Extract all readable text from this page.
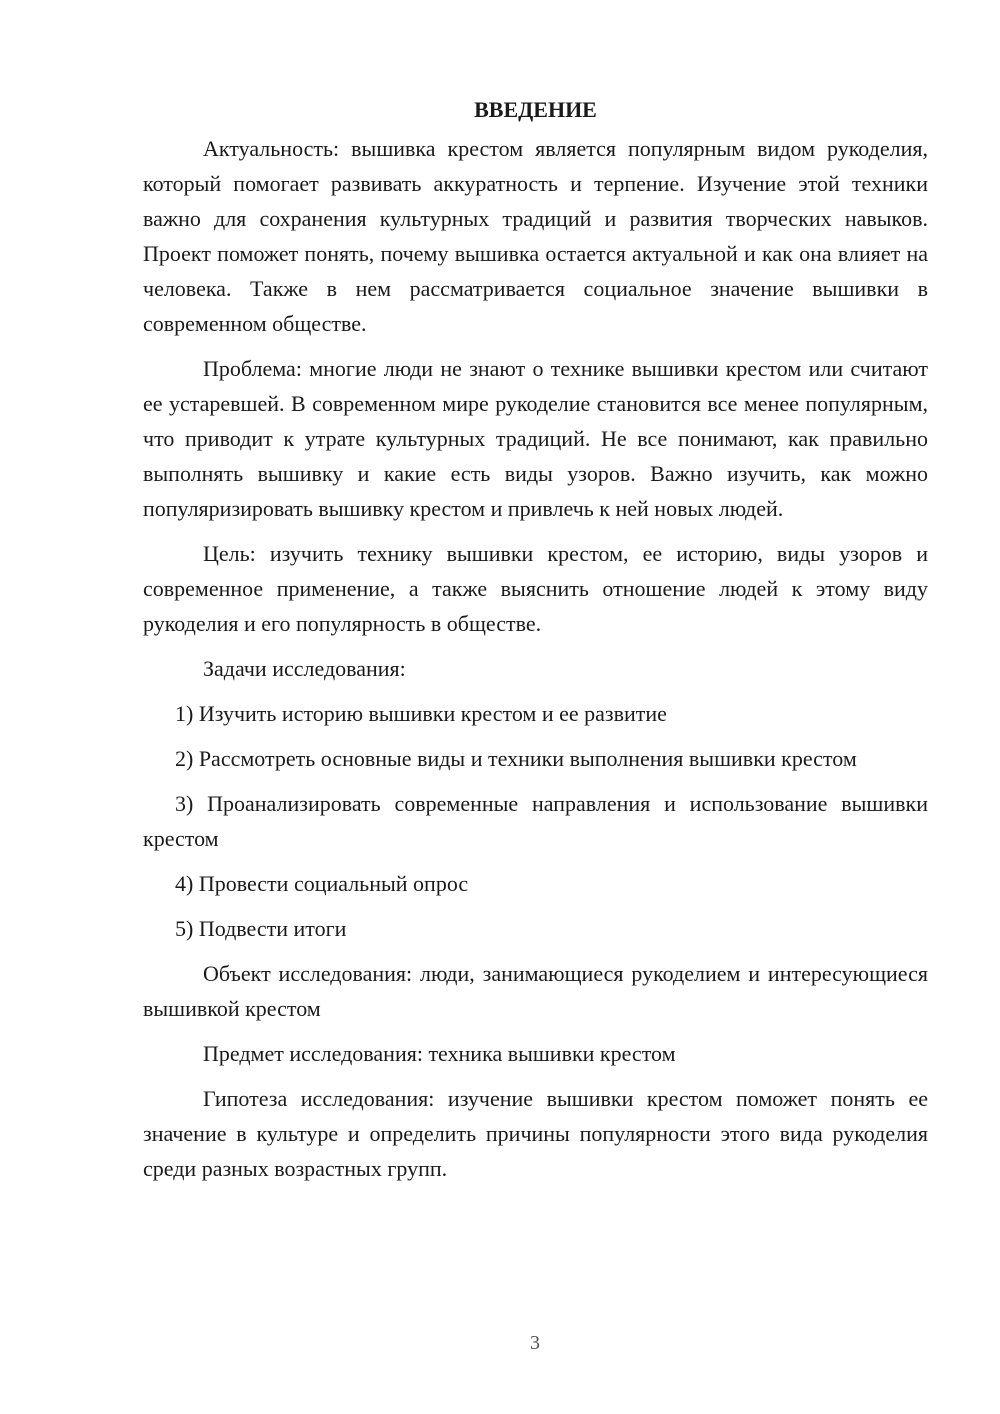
ВВЕДЕНИЕ

Актуальность: вышивка крестом является популярным видом рукоделия, который помогает развивать аккуратность и терпение. Изучение этой техники важно для сохранения культурных традиций и развития творческих навыков. Проект поможет понять, почему вышивка остается актуальной и как она влияет на человека. Также в нем рассматривается социальное значение вышивки в современном обществе.

Проблема: многие люди не знают о технике вышивки крестом или считают ее устаревшей. В современном мире рукоделие становится все менее популярным, что приводит к утрате культурных традиций. Не все понимают, как правильно выполнять вышивку и какие есть виды узоров. Важно изучить, как можно популяризировать вышивку крестом и привлечь к ней новых людей.

Цель: изучить технику вышивки крестом, ее историю, виды узоров и современное применение, а также выяснить отношение людей к этому виду рукоделия и его популярность в обществе.

Задачи исследования:

1) Изучить историю вышивки крестом и ее развитие

2) Рассмотреть основные виды и техники выполнения вышивки крестом

3) Проанализировать современные направления и использование вышивки крестом

4) Провести социальный опрос

5) Подвести итоги

Объект исследования: люди, занимающиеся рукоделием и интересующиеся вышивкой крестом

Предмет исследования: техника вышивки крестом

Гипотеза исследования: изучение вышивки крестом поможет понять ее значение в культуре и определить причины популярности этого вида рукоделия среди разных возрастных групп.

3
